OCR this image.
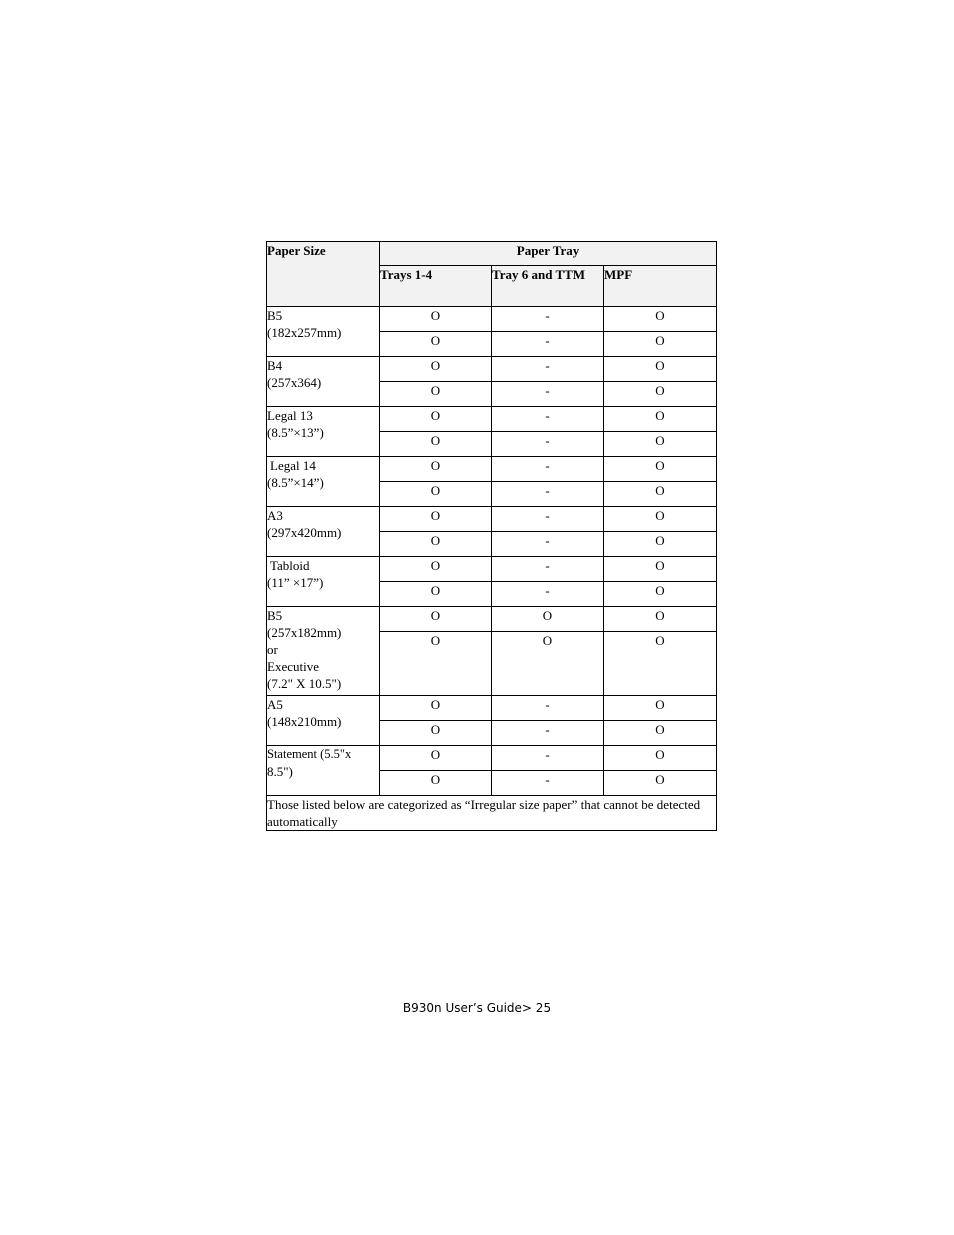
Paper Size	Paper Tray		
	Trays 1-4	Tray 6 and TTM	MPF

B5
(182x257mm)	O	-	O
	O	-	O

B4
(257x364)	O	-	O
	O	-	O

Legal 13
(8.5”×13”)	O	-	O
	O	-	O

Legal 14
(8.5”×14”)	O	-	O
	O	-	O

A3
(297x420mm)	O	-	O
	O	-	O

Tabloid
(11” ×17”)	O	-	O
	O	-	O

B5
(257x182mm)
or
Executive
(7.2" X 10.5")	O	O	O
	O	O	O

A5
(148x210mm)	O	-	O
	O	-	O

Statement (5.5"x
8.5")	O	-	O
	O	-	O
Those listed below are categorized as “Irregular size paper” that cannot be detected automatically			
B930n User’s Guide> 25
